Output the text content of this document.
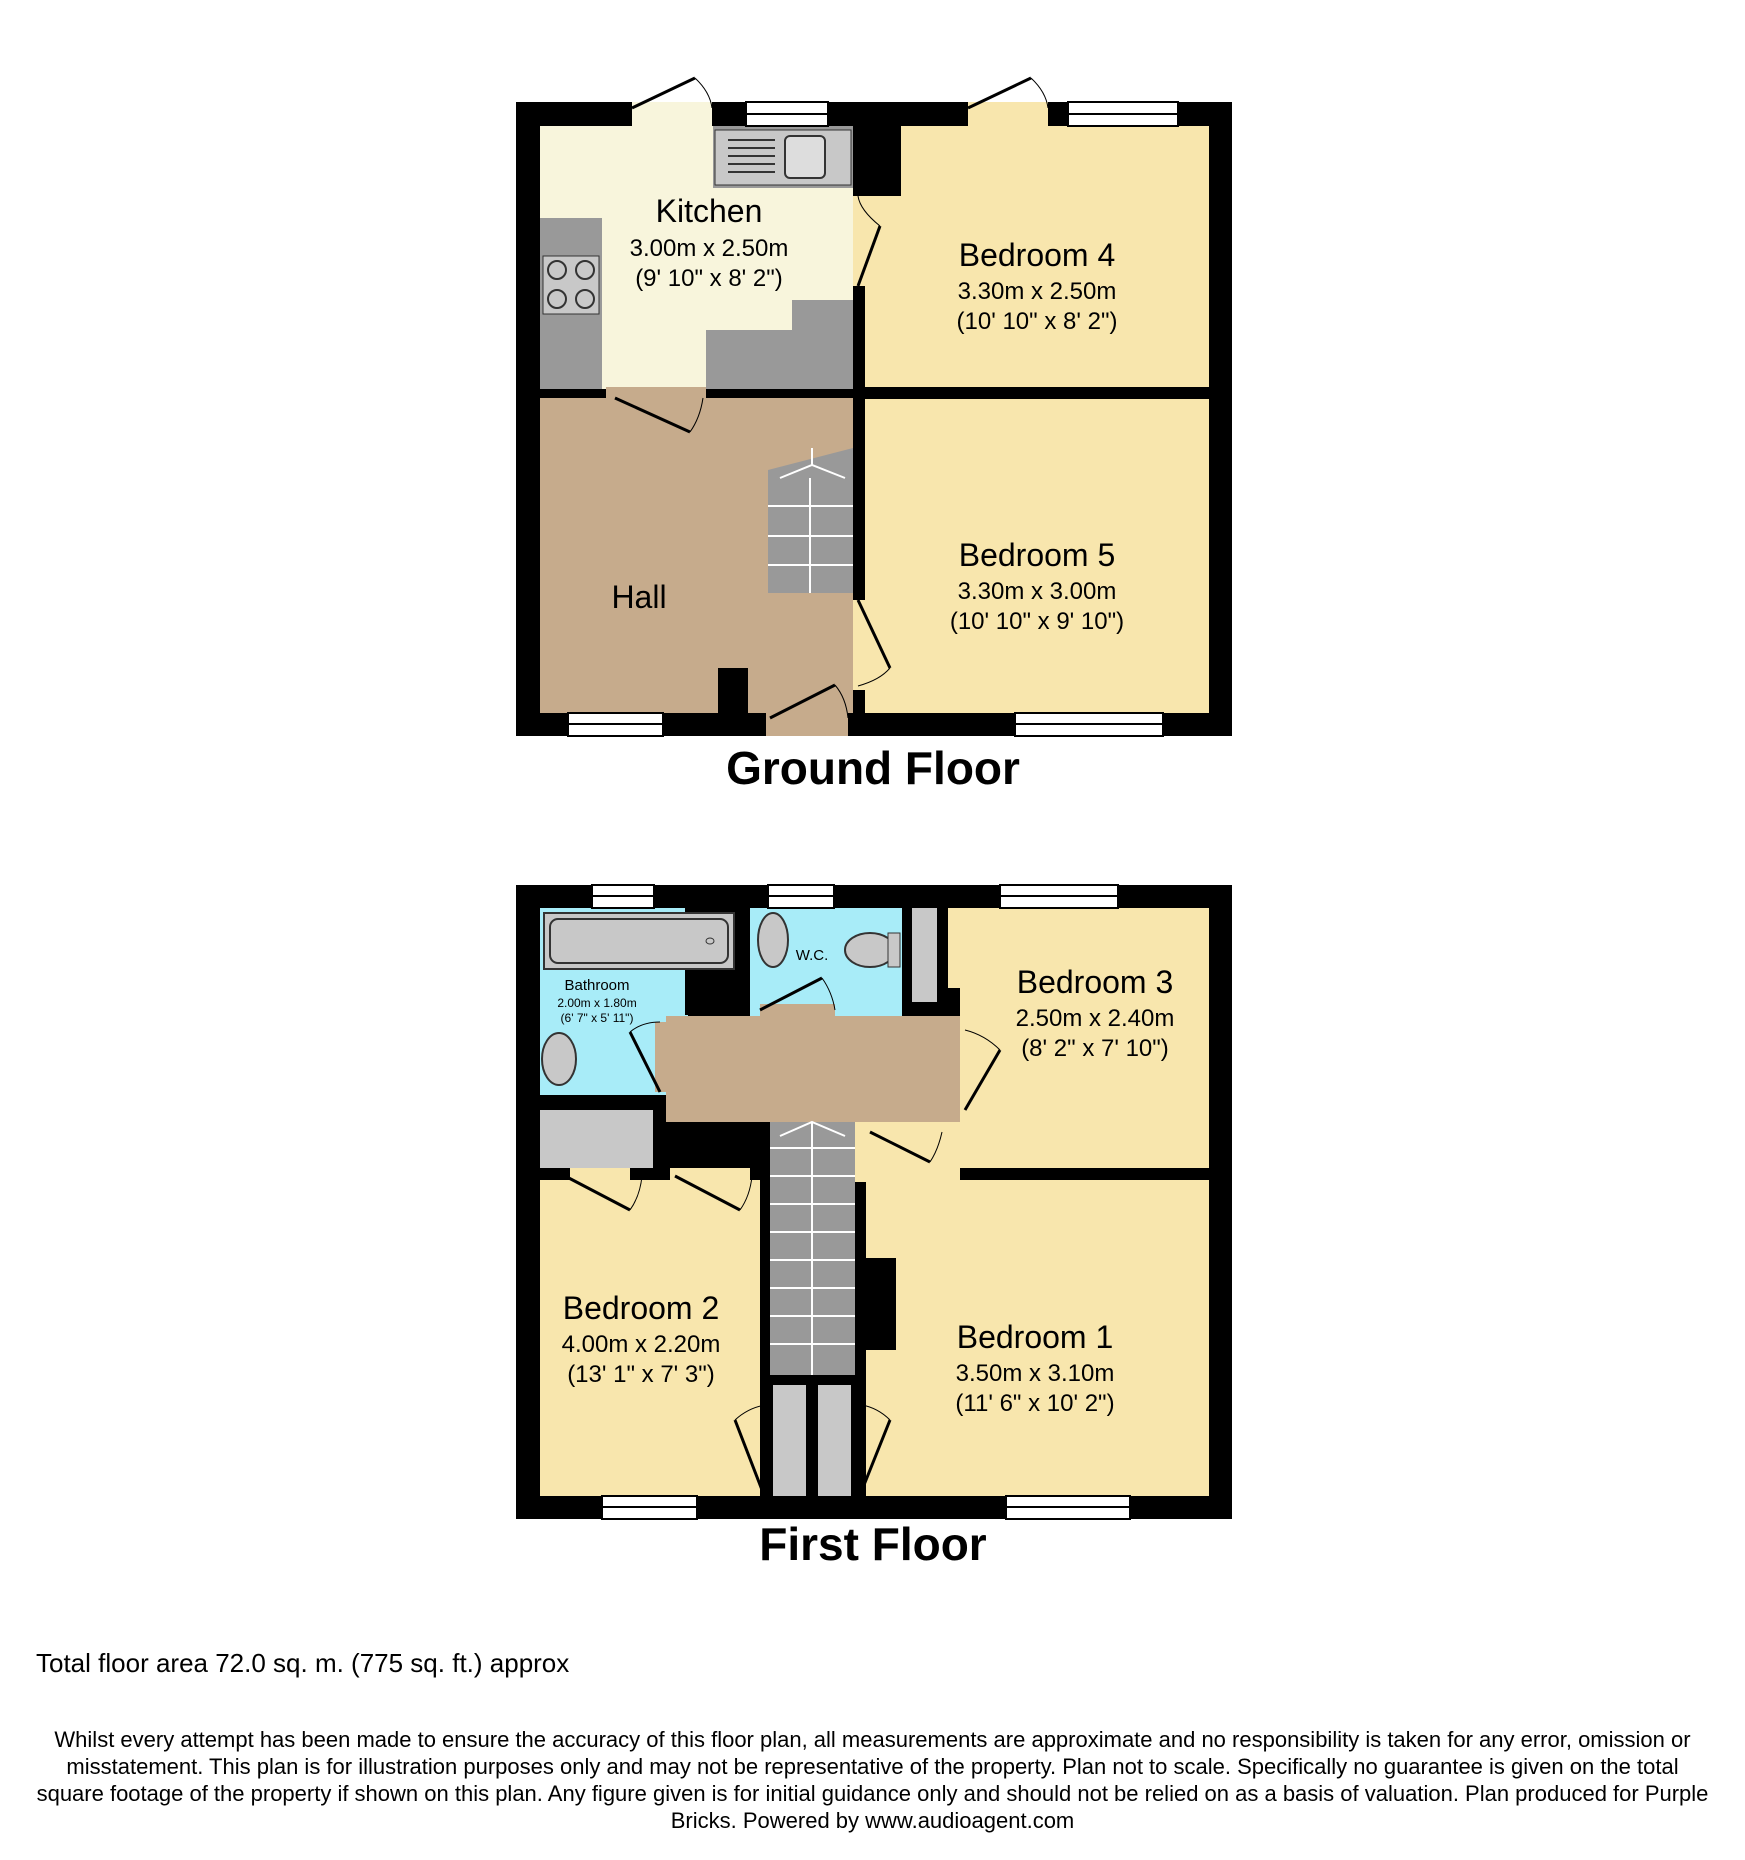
Kitchen
3.00m x 2.50m
(9' 10" x 8' 2")
Bedroom 4
3.30m x 2.50m
(10' 10" x 8' 2")
Hall
Bedroom 5
3.30m x 3.00m
(10' 10" x 9' 10")
Ground Floor
Bathroom
2.00m x 1.80m
(6' 7" x 5' 11")
W.C.
Bedroom 3
2.50m x 2.40m
(8' 2" x 7' 10")
Bedroom 2
4.00m x 2.20m
(13' 1" x 7' 3")
Bedroom 1
3.50m x 3.10m
(11' 6" x 10' 2")
First Floor
Total floor area 72.0 sq. m. (775 sq. ft.) approx
Whilst every attempt has been made to ensure the accuracy of this floor plan, all measurements are approximate and no responsibility is taken for any error, omission or misstatement. This plan is for illustration purposes only and may not be representative of the property. Plan not to scale. Specifically no guarantee is given on the total square footage of the property if shown on this plan. Any figure given is for initial guidance only and should not be relied on as a basis of valuation. Plan produced for Purple Bricks. Powered by www.audioagent.com
